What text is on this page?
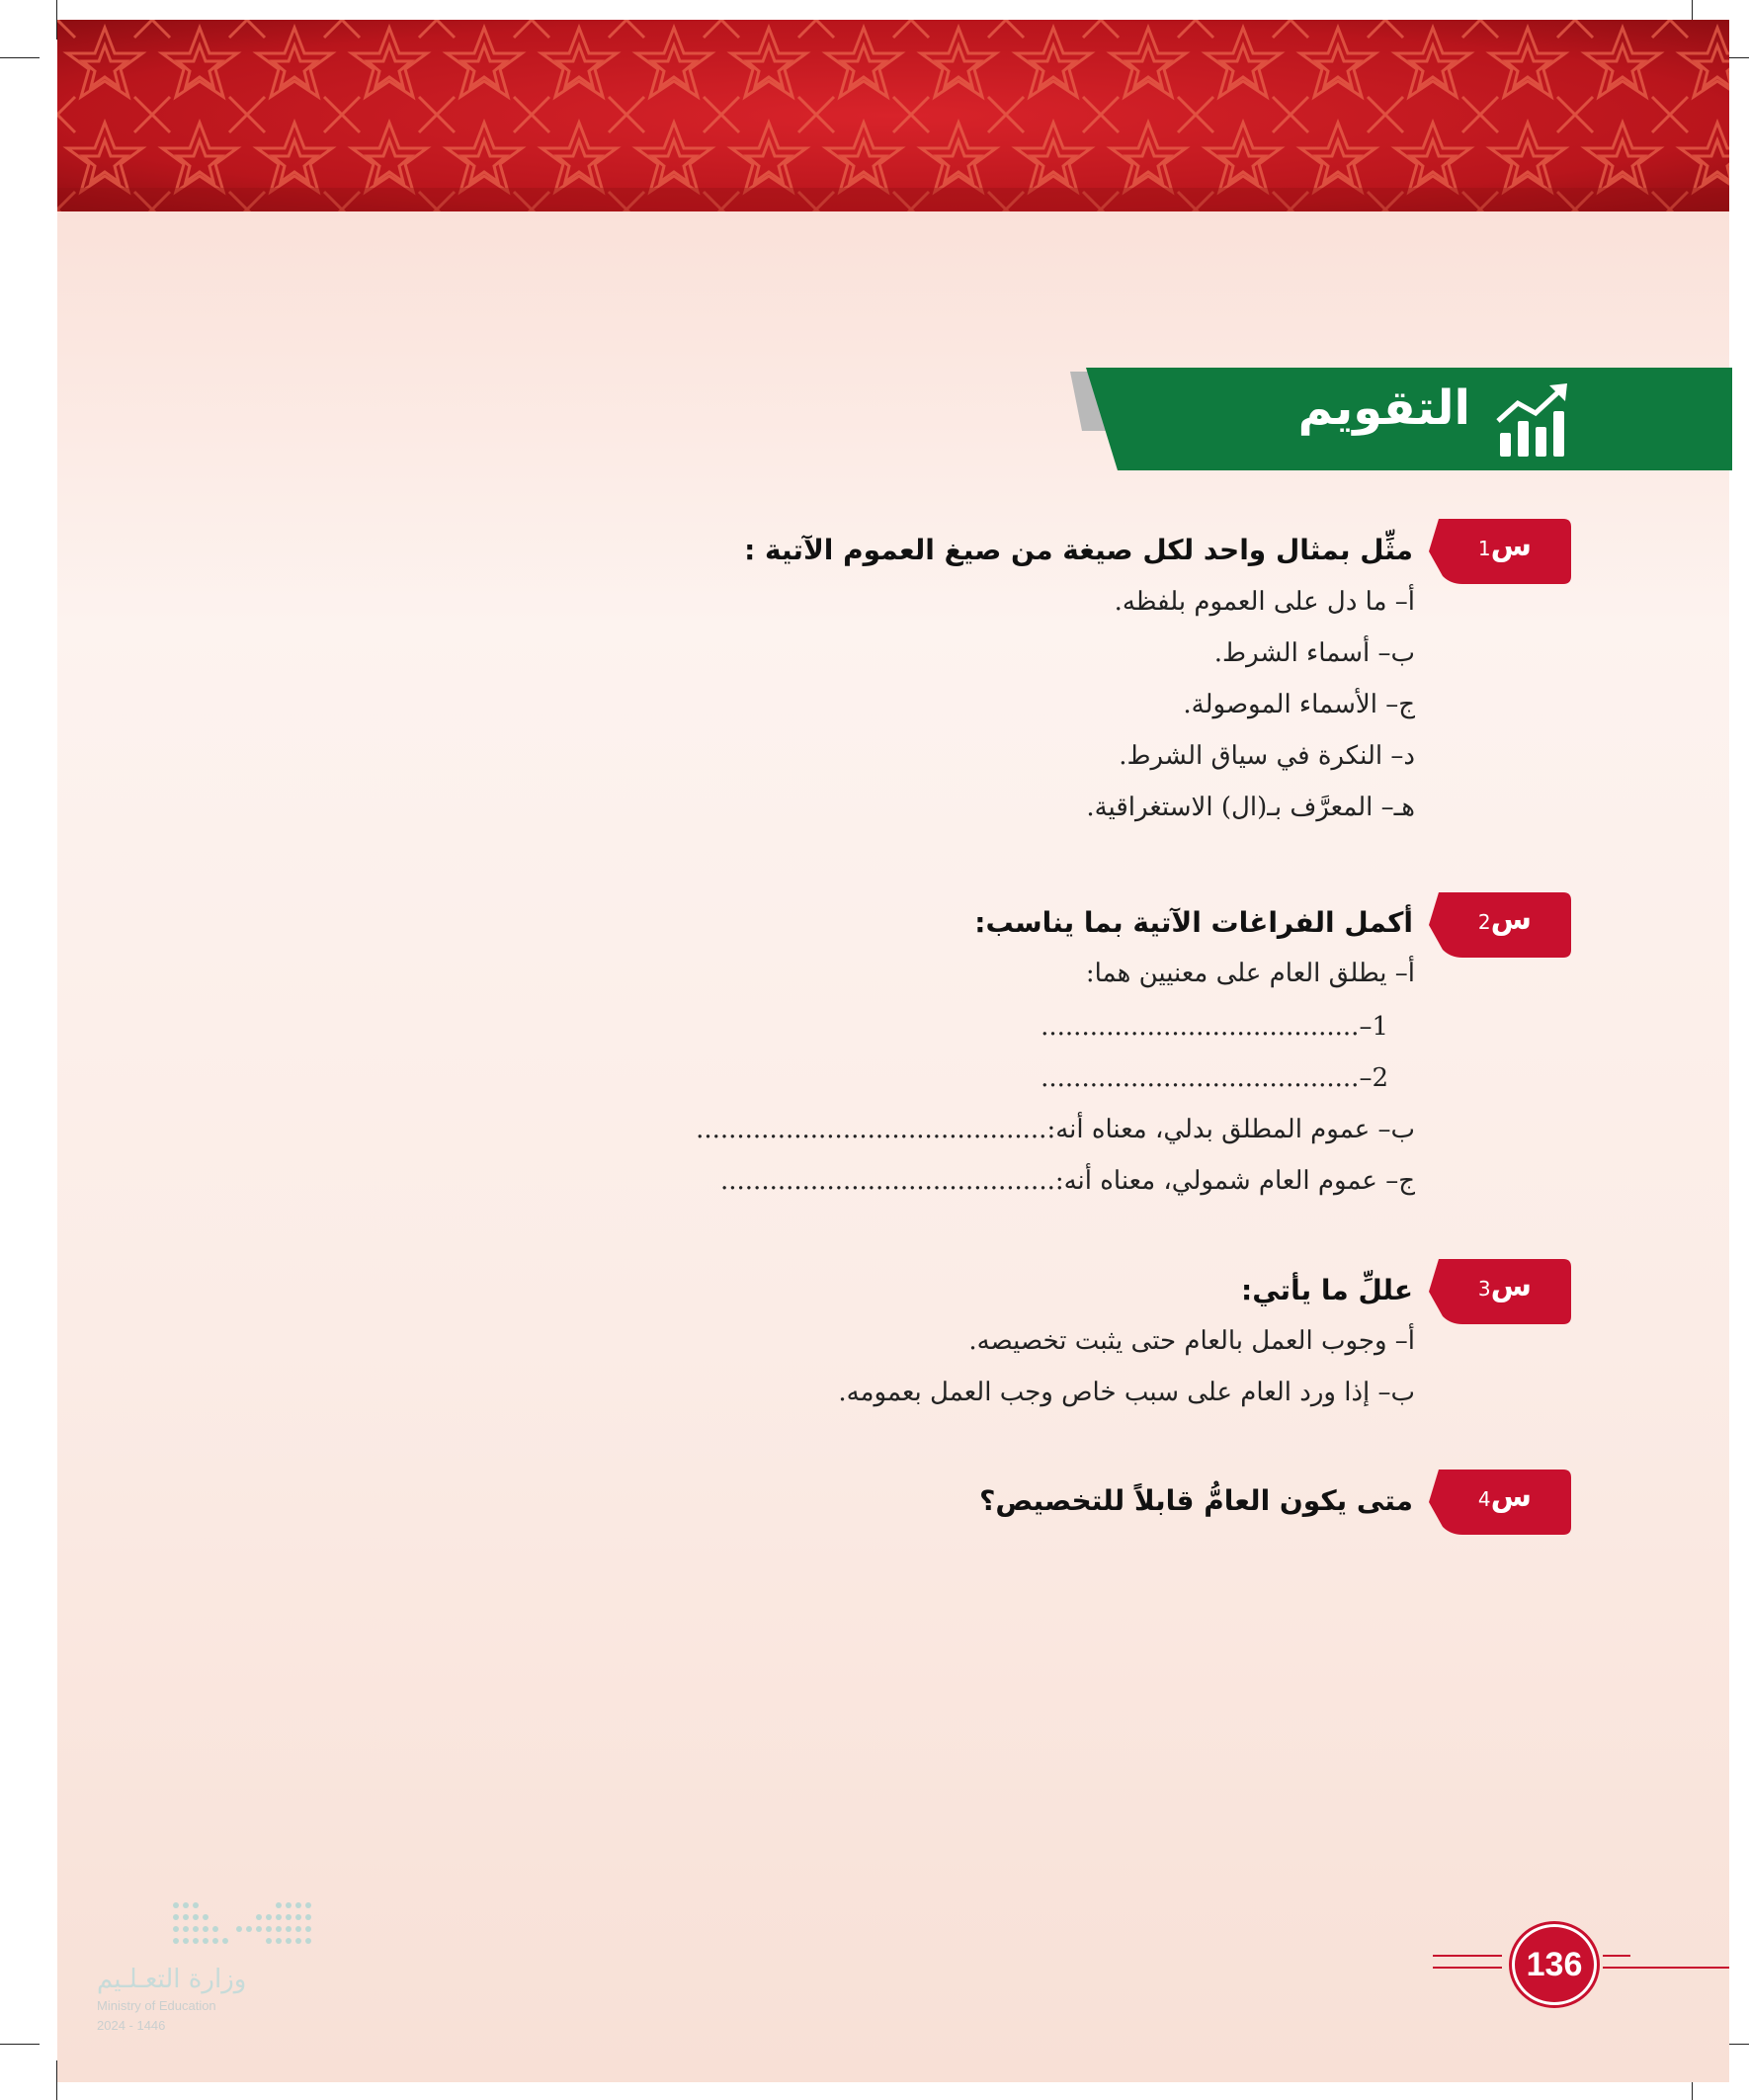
التقويم
س1
مثِّل بمثال واحد لكل صيغة من صيغ العموم الآتية :
أ– ما دل على العموم بلفظه.
ب– أسماء الشرط.
ج– الأسماء الموصولة.
د– النكرة في سياق الشرط.
هـ– المعرَّف بـ(ال) الاستغراقية.
س2
أكمل الفراغات الآتية بما يناسب:
أ– يطلق العام على معنيين هما:
1–.......................................
2–.......................................
ب– عموم المطلق بدلي، معناه أنه:...........................................
ج– عموم العام شمولي، معناه أنه:.........................................
س3
عللِّ ما يأتي:
أ– وجوب العمل بالعام حتى يثبت تخصيصه.
ب– إذا ورد العام على سبب خاص وجب العمل بعمومه.
س4
متى يكون العامُّ قابلاً للتخصيص؟
وزارة التعـلـيم
Ministry of Education
2024 - 1446
136
